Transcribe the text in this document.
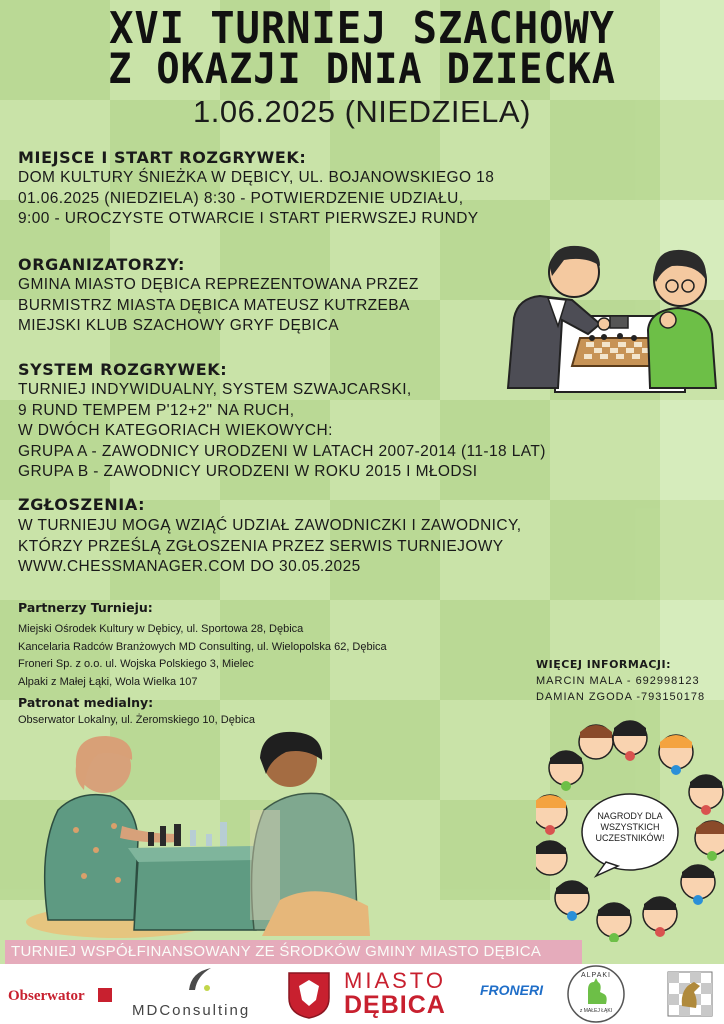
XVI TURNIEJ SZACHOWY
Z OKAZJI DNIA DZIECKA
1.06.2025 (NIEDZIELA)
MIEJSCE I START ROZGRYWEK:
DOM KULTURY ŚNIEŻKA W DĘBICY, UL. BOJANOWSKIEGO 18
01.06.2025 (NIEDZIELA) 8:30 - POTWIERDZENIE UDZIAŁU,
9:00 - UROCZYSTE OTWARCIE I START PIERWSZEJ RUNDY
ORGANIZATORZY:
GMINA MIASTO DĘBICA REPREZENTOWANA PRZEZ
BURMISTRZ MIASTA DĘBICA MATEUSZ KUTRZEBA
MIEJSKI KLUB SZACHOWY GRYF DĘBICA
SYSTEM ROZGRYWEK:
TURNIEJ INDYWIDUALNY, SYSTEM SZWAJCARSKI,
9 RUND TEMPEM P'12+2" NA RUCH,
W DWÓCH KATEGORIACH WIEKOWYCH:
GRUPA A - ZAWODNICY URODZENI W LATACH 2007-2014 (11-18 LAT)
GRUPA B - ZAWODNICY URODZENI W ROKU 2015 I MŁODSI
ZGŁOSZENIA:
W TURNIEJU MOGĄ WZIĄĆ UDZIAŁ ZAWODNICZKI I ZAWODNICY,
KTÓRZY PRZEŚLĄ ZGŁOSZENIA PRZEZ SERWIS TURNIEJOWY
WWW.CHESSMANAGER.COM DO 30.05.2025
Partnerzy Turnieju:
Miejski Ośrodek Kultury w Dębicy, ul. Sportowa 28, Dębica
Kancelaria Radców Branżowych MD Consulting, ul. Wielopolska 62, Dębica
Froneri Sp. z o.o. ul. Wojska Polskiego 3, Mielec
Alpaki z Małej Łąki, Wola Wielka 107
Patronat medialny:
Obserwator Lokalny, ul. Żeromskiego 10, Dębica
WIĘCEJ INFORMACJI:
MARCIN MALA - 692998123
DAMIAN ZGODA -793150178
NAGRODY DLA
WSZYSTKICH
UCZESTNIKÓW!
TURNIEJ WSPÓŁFINANSOWANY ZE ŚRODKÓW GMINY MIASTO DĘBICA
Obserwator
MDConsulting
MIASTO
DĘBICA
FRONERI
ALPAKI
z MAŁEJ ŁĄKI
